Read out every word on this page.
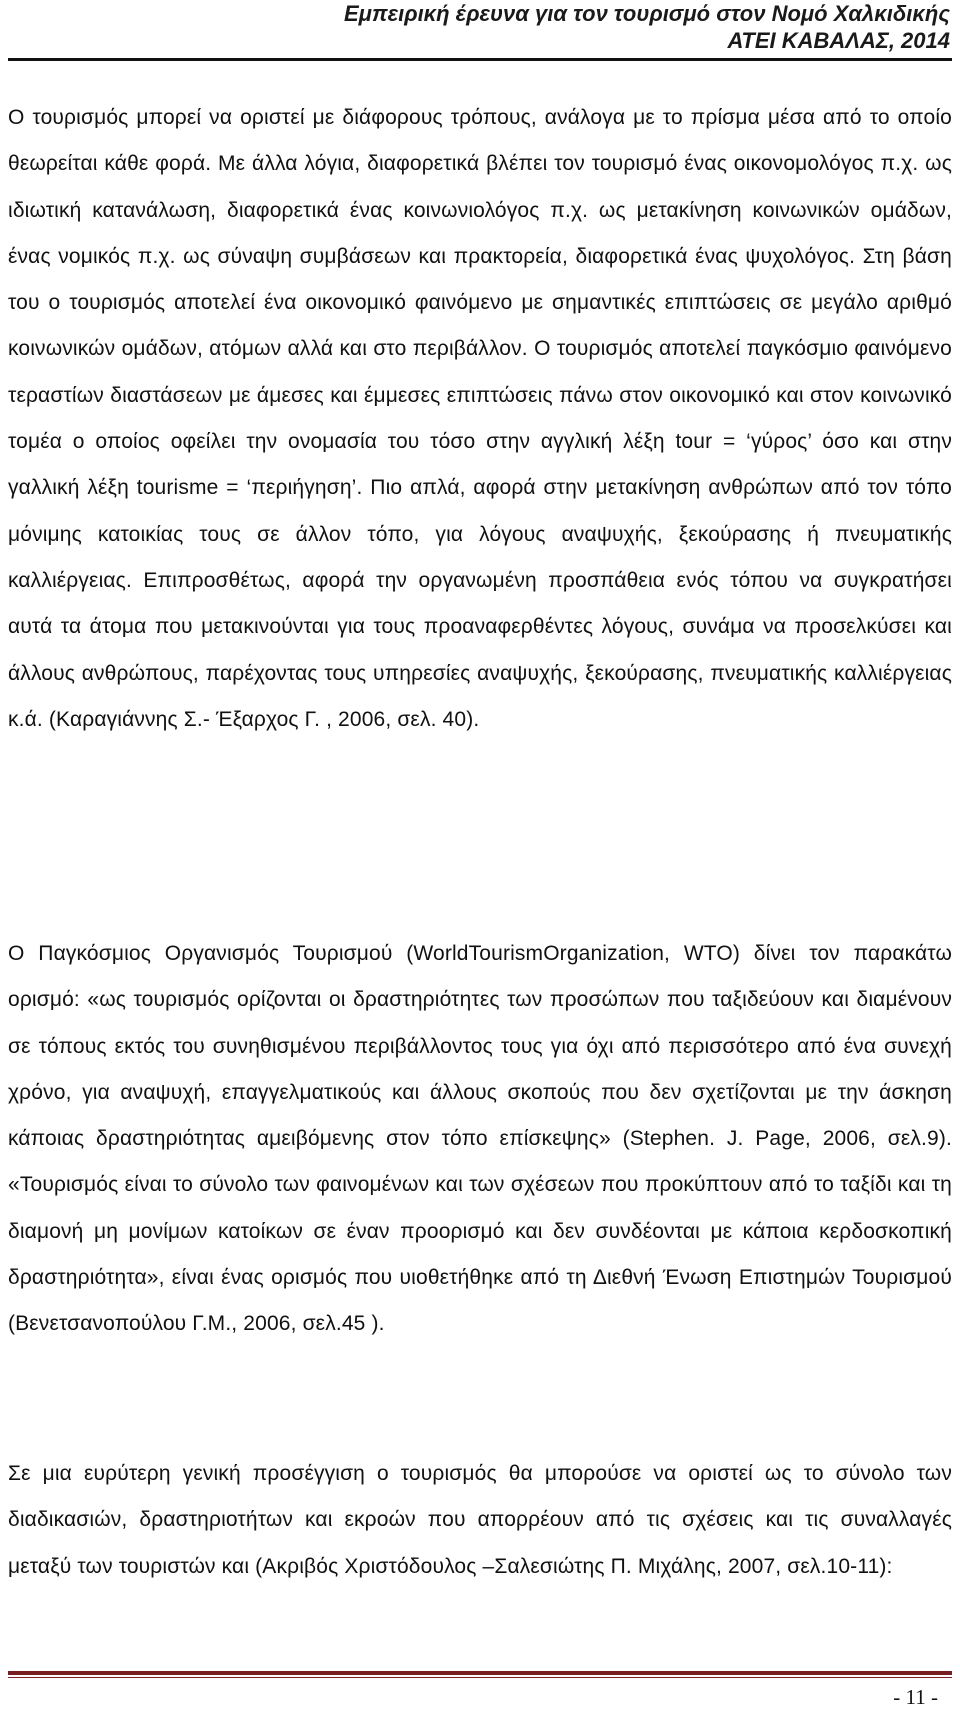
Εμπειρική έρευνα για τον τουρισμό στον Νομό Χαλκιδικής
ΑΤΕΙ ΚΑΒΑΛΑΣ, 2014

Ο τουρισμός μπορεί να οριστεί με διάφορους τρόπους, ανάλογα με το πρίσμα μέσα από το οποίο θεωρείται κάθε φορά. Με άλλα λόγια, διαφορετικά βλέπει τον τουρισμό ένας οικονομολόγος π.χ. ως ιδιωτική κατανάλωση, διαφορετικά ένας κοινωνιολόγος π.χ. ως μετακίνηση κοινωνικών ομάδων, ένας νομικός π.χ. ως σύναψη συμβάσεων και πρακτορεία, διαφορετικά ένας ψυχολόγος. Στη βάση του ο τουρισμός αποτελεί ένα οικονομικό φαινόμενο με σημαντικές επιπτώσεις σε μεγάλο αριθμό κοινωνικών ομάδων, ατόμων αλλά και στο περιβάλλον. Ο τουρισμός αποτελεί παγκόσμιο φαινόμενο τεραστίων διαστάσεων με άμεσες και έμμεσες επιπτώσεις πάνω στον οικονομικό και στον κοινωνικό τομέα ο οποίος οφείλει την ονομασία του τόσο στην αγγλική λέξη tour = ‘γύρος’ όσο και στην γαλλική λέξη tourisme = ‘περιήγηση’. Πιο απλά, αφορά στην μετακίνηση ανθρώπων από τον τόπο μόνιμης κατοικίας τους σε άλλον τόπο, για λόγους αναψυχής, ξεκούρασης ή πνευματικής καλλιέργειας. Επιπροσθέτως, αφορά την οργανωμένη προσπάθεια ενός τόπου να συγκρατήσει αυτά τα άτομα που μετακινούνται για τους προαναφερθέντες λόγους, συνάμα να προσελκύσει και άλλους ανθρώπους, παρέχοντας τους υπηρεσίες αναψυχής, ξεκούρασης, πνευματικής καλλιέργειας κ.ά. (Καραγιάννης Σ.- Έξαρχος Γ. , 2006, σελ. 40).

Ο Παγκόσμιος Οργανισμός Τουρισμού (WorldTourismOrganization, WTO) δίνει τον παρακάτω ορισμό: «ως τουρισμός ορίζονται οι δραστηριότητες των προσώπων που ταξιδεύουν και διαμένουν σε τόπους εκτός του συνηθισμένου περιβάλλοντος τους για όχι από περισσότερο από ένα συνεχή χρόνο, για αναψυχή, επαγγελματικούς και άλλους σκοπούς που δεν σχετίζονται με την άσκηση κάποιας δραστηριότητας αμειβόμενης στον τόπο επίσκεψης» (Stephen. J. Page, 2006, σελ.9). «Τουρισμός είναι το σύνολο των φαινομένων και των σχέσεων που προκύπτουν από το ταξίδι και τη διαμονή μη μονίμων κατοίκων σε έναν προορισμό και δεν συνδέονται με κάποια κερδοσκοπική δραστηριότητα», είναι ένας ορισμός που υιοθετήθηκε από τη Διεθνή Ένωση Επιστημών Τουρισμού (Βενετσανοπούλου Γ.Μ., 2006, σελ.45 ).

Σε μια ευρύτερη γενική προσέγγιση ο τουρισμός θα μπορούσε να οριστεί ως το σύνολο των διαδικασιών, δραστηριοτήτων και εκροών που απορρέουν από τις σχέσεις και τις συναλλαγές μεταξύ των τουριστών και (Ακριβός Χριστόδουλος –Σαλεσιώτης Π. Μιχάλης, 2007, σελ.10-11):

- 11 -
